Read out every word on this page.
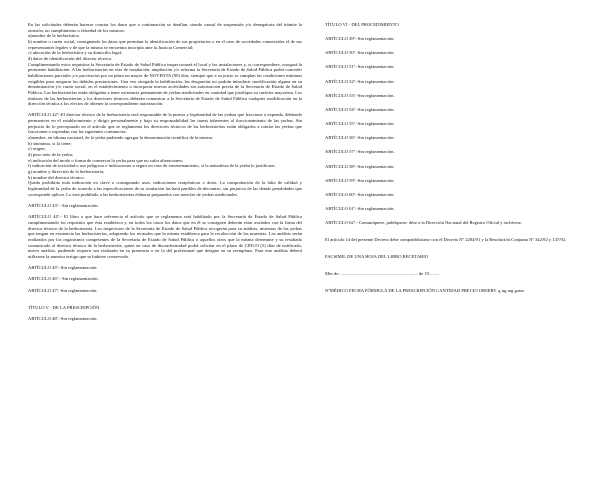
En las solicitudes deberán hacerse constar los datos que a continuación se detallan, siendo causal de suspensión y/o denegatoria del trámite la omisión, no cumplimiento o falsedad de los mismos:

a)nombre de la herborística;

b) nombre o razón social, consignando los datos que permitan la identificación de sus propietarios o en el caso de sociedades comerciales el de sus representantes legales y de que la misma se encuentra inscripta ante la Justicia Comercial;

c) ubicación de la herborística y su domicilio legal;

d) datos de identificación del director técnico.

Cumplimentando estos requisitos la Secretaría de Estado de Salud Pública inspeccionará el local y las instalaciones y, si correspondiere, otorgará la pertinente habilitación. A las herboristerías en vías de instalación, ampliación y/o reforma la Secretaría de Estado de Salud Pública podrá conceder habilitaciones parciales y/o provisorias por un plazo no mayor de NOVENTA (90) días, siempre que a su juicio se cumplan las condiciones mínimas exigibles para asegurar las debidas prestaciones. Una vez otorgada la habilitación, las droguerías no podrán introducir modificación alguna en su denominación y/o razón social, en el establecimiento o incorporar nuevas actividades sin autorización previa de la Secretaría de Estado de Salud Pública. Las herboristerías están obligadas a tener existencia permanente de yerbas medicinales en cantidad que justifique su carácter mayorista. Los titulares de las herboristerías y los directores técnicos deberán comunicar a la Secretaría de Estado de Salud Pública cualquier modificación en la dirección técnica a los efectos de obtener la correspondiente autorización.

ARTÍCULO 42º.-El director técnico de la herboristería será responsable de la pureza y legitimidad de las yerbas que fracciona o expenda, debiendo permanecer en el establecimiento y dirigir personalmente y bajo su responsabilidad las tareas inherentes al fraccionamiento de las yerbas. Sin perjuicio de lo preceptuado en el artículo que se reglamenta los directores técnicos de las herboristerías están obligados a rotular las yerbas que fraccionen o expendan con las siguientes constancias:

a)nombre, en idioma nacional, de la yerba pudiendo agregar la denominación científica de la misma;

b) sinónimo, si lo tiene;

c) origen;

d) peso neto de la yerba;

e) indicación del modo o forma de conservar la yerba para que no sufra alteraciones;

f) indicación de toxicidad o uso peligroso e indicaciones a seguir en caso de envenenamiento, si la naturaleza de la yerba lo justificare;

g) nombre y dirección de la herboristería;

h) nombre del director técnico.

Queda prohibida toda indicación en clave o consignando usos, indicaciones terapéuticas o dosis. La comprobación de la falta de calidad y legitimidad de la yerba de acuerdo a las especificaciones de su rotulación las hará pasibles de decomiso, sin perjuicio de las demás penalidades que corresponde aplicar. Lo está prohibido a las herboristerías elaborar preparados con mezclas de yerbas medicinales.

ARTÍCULO 43º.- Sin reglamentación.

ARTÍCULO 44º.- El libro a que hace referencia el artículo que se reglamenta será habilitado por la Secretaría de Estado de Salud Pública cumplimentando los requisitos que ésta establezca y, en todos los casos los datos que en él se consignen deberán estar avalados con la firma del director técnico de la herboristería. Los inspectores de la Secretaría de Estado de Salud Pública recogerán para su análisis, muestras de las yerbas que tengan en existencia las herboristerías, adoptando los recaudos que la misma establezca para la recolección de las muestras. Los análisis serán realizados por los organismos competentes de la Secretaría de Estado de Salud Pública o aquellos otros que la misma determine y su resultado comunicado al director técnico de la herboristería, quien en caso de disconformidad podrá solicitar en el plazo de CINCO (5) días de notificado, nuevo análisis, pudiendo requerir sea realizado en su presencia o en la del profesional que designe en su reemplazo. Para este análisis deberá utilizarse la muestra testigo que se hubiere conservado.

ARTÍCULO 45º.-Sin reglamentación.

ARTÍCULO 46º.- Sin reglamentación.

ARTÍCULO 47º.-Sin reglamentación.

TÍTULO V - DE LA PRESCRIPCIÓN

ARTÍCULO 48º.-Sin reglamentación.

TÍTULO VI - DEL PROCEDIMIENTO

ARTÍCULO 49º.-Sin reglamentación.

ARTÍCULO 50º.-Sin reglamentación.

ARTÍCULO 51º.-Sin reglamentación.

ARTÍCULO 52º.-Sin reglamentación.

ARTÍCULO 53º.-Sin reglamentación.

ARTÍCULO 54º.-Sin reglamentación.

ARTÍCULO 55º.-Sin reglamentación.

ARTÍCULO 56º.-Sin reglamentación.

ARTÍCULO 57º.-Sin reglamentación.

ARTÍCULO 58º.-Sin reglamentación.

ARTÍCULO 59º.-Sin reglamentación.

ARTÍCULO 60º.-Sin reglamentación.

ARTÍCULO 61º.-Sin reglamentación.

ARTÍCULO 62º.- Comuníquese, publíquese; dése a la Dirección Nacional del Registro Oficial y archívese.

El artículo 14 del presente Decreto debe compatibilizarse con el Decreto Nº 2284/91 y la Resolución Conjunta Nº 342/92 y 147/92.

FACSIMIL DE UNA HOJA DEL LIBRO RECETARIO

Mes de..................................................................... de 19.........

NºMÉDICO FECHA FÓRMULA DE LA PRESCRIPCIÓN CANTIDAD PRECIO OBSERV. g ug mg gotas
